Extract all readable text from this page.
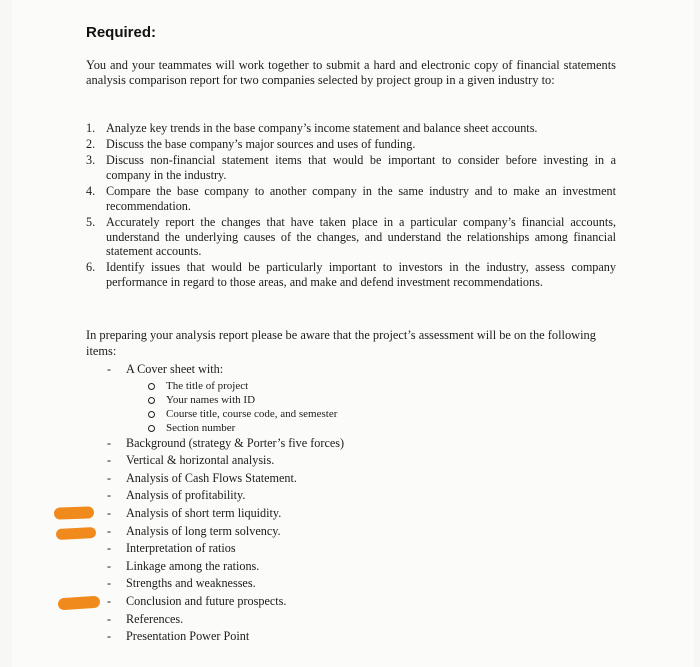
Required:
You and your teammates will work together to submit a hard and electronic copy of financial statements analysis comparison report for two companies selected by project group in a given industry to:
1. Analyze key trends in the base company’s income statement and balance sheet accounts.
2. Discuss the base company’s major sources and uses of funding.
3. Discuss non-financial statement items that would be important to consider before investing in a company in the industry.
4. Compare the base company to another company in the same industry and to make an investment recommendation.
5. Accurately report the changes that have taken place in a particular company’s financial accounts, understand the underlying causes of the changes, and understand the relationships among financial statement accounts.
6. Identify issues that would be particularly important to investors in the industry, assess company performance in regard to those areas, and make and defend investment recommendations.
In preparing your analysis report please be aware that the project’s assessment will be on the following items:
- A Cover sheet with:
The title of project
Your names with ID
Course title, course code, and semester
Section number
- Background (strategy & Porter’s five forces)
- Vertical & horizontal analysis.
- Analysis of Cash Flows Statement.
- Analysis of profitability.
- Analysis of short term liquidity.
- Analysis of long term solvency.
- Interpretation of ratios
- Linkage among the rations.
- Strengths and weaknesses.
- Conclusion and future prospects.
- References.
- Presentation Power Point
